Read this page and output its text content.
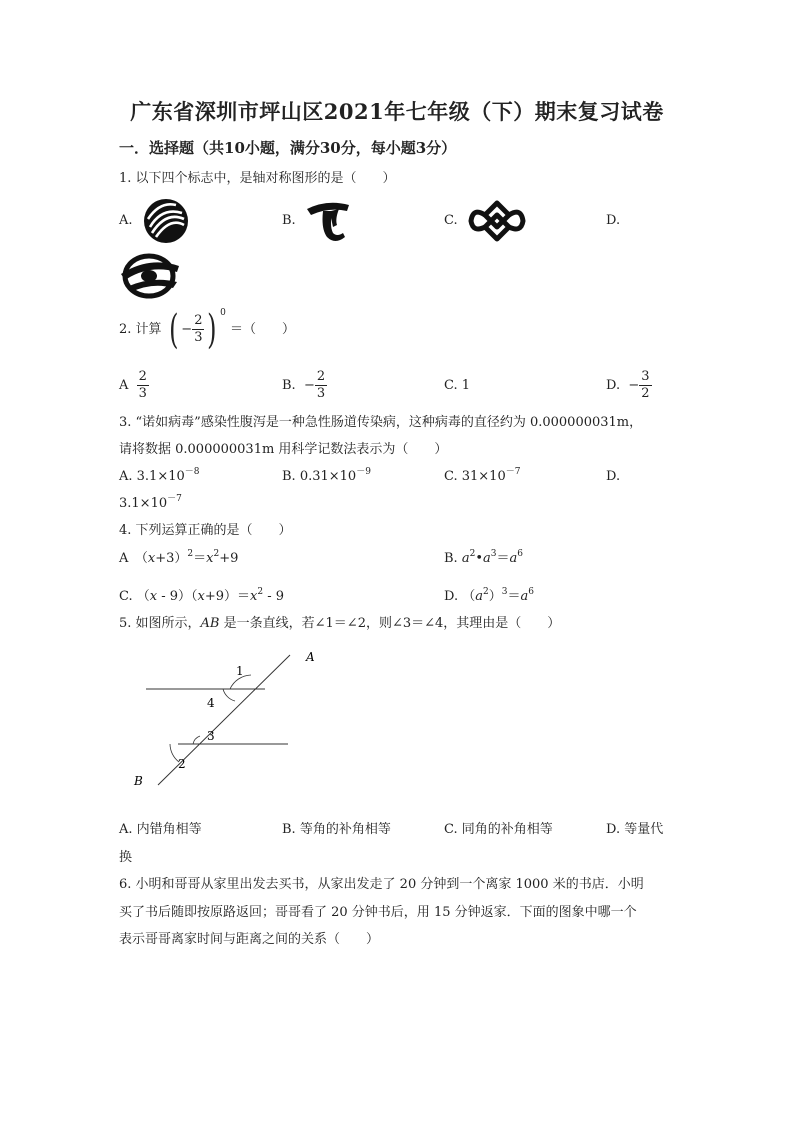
广东省深圳市坪山区2021年七年级（下）期末复习试卷
一．选择题（共10小题，满分30分，每小题3分）
1. 以下四个标志中，是轴对称图形的是（　　）
A.	B.	C.	D.
2. 计算 ( − $\frac{2}{3}$ ) $^0$ ＝（　　）
A $\frac{2}{3}$	B. − $\frac{2}{3}$	C. 1	D. − $\frac{3}{2}$
3. “诺如病毒”感染性腹泻是一种急性肠道传染病，这种病毒的直径约为 0.000000031m，
请将数据 0.000000031m 用科学记数法表示为（　　）
A. $3.1\times 10^{-8}$	B. $0.31\times 10^{-9}$	C. $31\times 10^{-7}$	D.
$3.1\times 10^{-7}$
4. 下列运算正确的是（　　）
A　$(x+3)^2=x^2+9$	B. $a^2•a^3=a^6$
C. $(x - 9)(x+9)=x^2 - 9$	D. $(a^2)^3=a^6$
5. 如图所示，AB 是一条直线，若∠1＝∠2，则∠3＝∠4，其理由是（　　）
A
B
1
4
3
2
A. 内错角相等	B. 等角的补角相等	C. 同角的补角相等	D. 等量代
换
6. 小明和哥哥从家里出发去买书，从家出发走了 20 分钟到一个离家 1000 米的书店．小明
买了书后随即按原路返回；哥哥看了 20 分钟书后，用 15 分钟返家．下面的图象中哪一个
表示哥哥离家时间与距离之间的关系（　　）
